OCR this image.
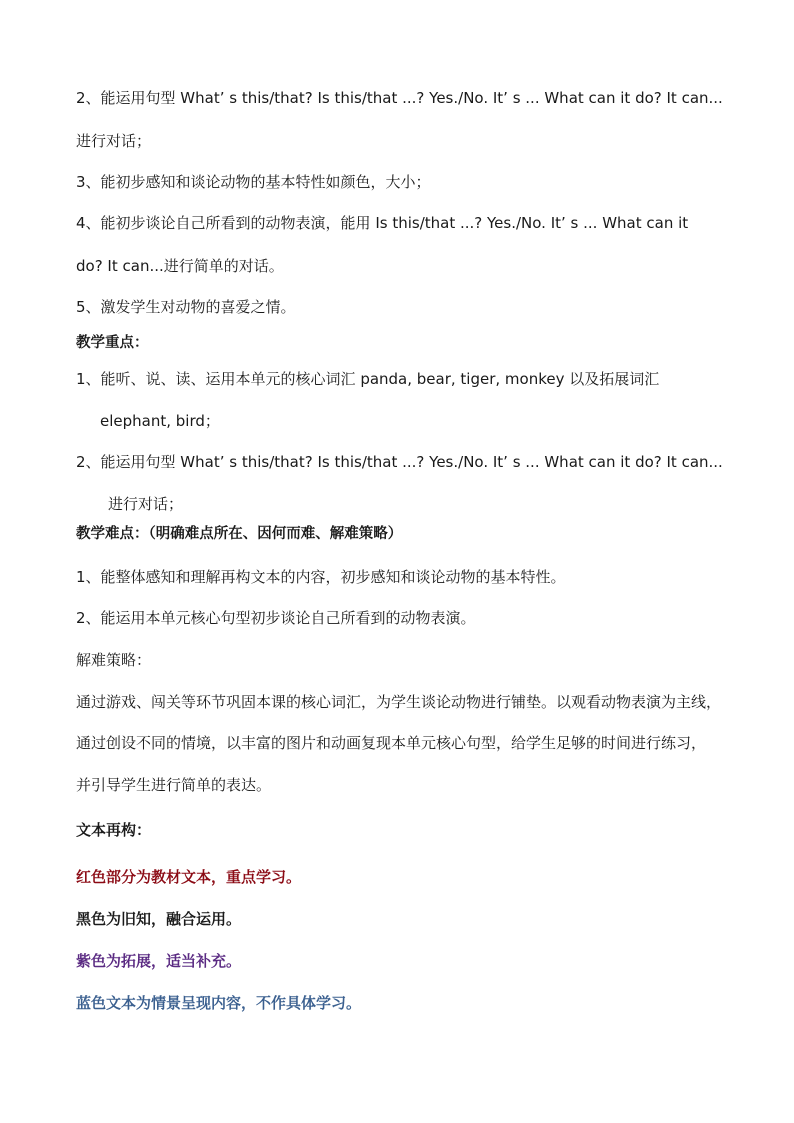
2、能运用句型 What’ s this/that? Is this/that ...? Yes./No. It’ s ... What can it do? It can...
进行对话；
3、能初步感知和谈论动物的基本特性如颜色，大小；
4、能初步谈论自己所看到的动物表演，能用 Is this/that ...? Yes./No. It’ s ... What can it
do? It can...进行简单的对话。
5、激发学生对动物的喜爱之情。
教学重点：
1、能听、说、读、运用本单元的核心词汇 panda, bear, tiger, monkey 以及拓展词汇
elephant, bird；
2、能运用句型 What’ s this/that? Is this/that ...? Yes./No. It’ s ... What can it do? It can...
进行对话；
教学难点：（明确难点所在、因何而难、解难策略）
1、能整体感知和理解再构文本的内容，初步感知和谈论动物的基本特性。
2、能运用本单元核心句型初步谈论自己所看到的动物表演。
解难策略：
通过游戏、闯关等环节巩固本课的核心词汇，为学生谈论动物进行铺垫。以观看动物表演为主线，
通过创设不同的情境，以丰富的图片和动画复现本单元核心句型，给学生足够的时间进行练习，
并引导学生进行简单的表达。
文本再构：
红色部分为教材文本，重点学习。
黑色为旧知，融合运用。
紫色为拓展，适当补充。
蓝色文本为情景呈现内容，不作具体学习。
